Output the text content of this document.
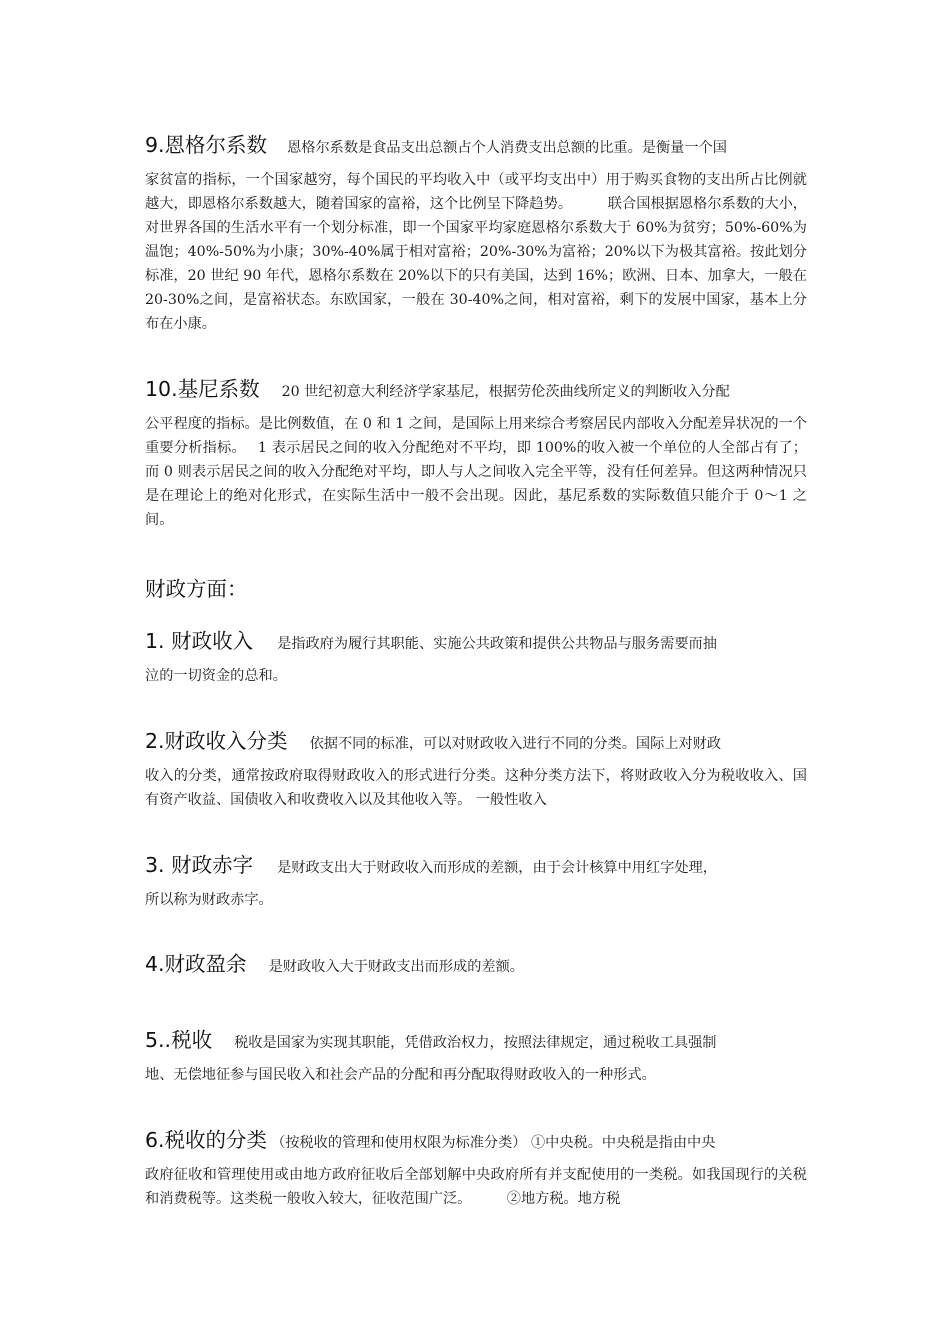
9.恩格尔系数 恩格尔系数是食品支出总额占个人消费支出总额的比重。是衡量一个国
家贫富的指标，一个国家越穷，每个国民的平均收入中（或平均支出中）用于购买食物的支出所占比例就越大，即恩格尔系数越大，随着国家的富裕，这个比例呈下降趋势。　　　联合国根据恩格尔系数的大小，对世界各国的生活水平有一个划分标准，即一个国家平均家庭恩格尔系数大于 60%为贫穷；50%-60%为温饱；40%-50%为小康；30%-40%属于相对富裕；20%-30%为富裕；20%以下为极其富裕。按此划分标准，20 世纪 90 年代，恩格尔系数在 20%以下的只有美国，达到 16%；欧洲、日本、加拿大，一般在 20-30%之间，是富裕状态。东欧国家，一般在 30-40%之间，相对富裕，剩下的发展中国家，基本上分布在小康。
10.基尼系数 20 世纪初意大利经济学家基尼，根据劳伦茨曲线所定义的判断收入分配
公平程度的指标。是比例数值，在 0 和 1 之间，是国际上用来综合考察居民内部收入分配差异状况的一个重要分析指标。　 1 表示居民之间的收入分配绝对不平均，即 100%的收入被一个单位的人全部占有了；而 0 则表示居民之间的收入分配绝对平均，即人与人之间收入完全平等，没有任何差异。但这两种情况只是在理论上的绝对化形式，在实际生活中一般不会出现。因此，基尼系数的实际数值只能介于 0～1 之间。
财政方面：
1. 财政收入 是指政府为履行其职能、实施公共政策和提供公共物品与服务需要而抽
泣的一切资金的总和。
2.财政收入分类 依据不同的标准，可以对财政收入进行不同的分类。国际上对财政
收入的分类，通常按政府取得财政收入的形式进行分类。这种分类方法下，将财政收入分为税收收入、国有资产收益、国债收入和收费收入以及其他收入等。 一般性收入
3. 财政赤字 是财政支出大于财政收入而形成的差额，由于会计核算中用红字处理，
所以称为财政赤字。
4.财政盈余 是财政收入大于财政支出而形成的差额。
5..税收 税收是国家为实现其职能，凭借政治权力，按照法律规定，通过税收工具强制
地、无偿地征参与国民收入和社会产品的分配和再分配取得财政收入的一种形式。
6.税收的分类 （按税收的管理和使用权限为标准分类） ①中央税。中央税是指由中央
政府征收和管理使用或由地方政府征收后全部划解中央政府所有并支配使用的一类税。如我国现行的关税和消费税等。这类税一般收入较大，征收范围广泛。　　　②地方税。地方税
